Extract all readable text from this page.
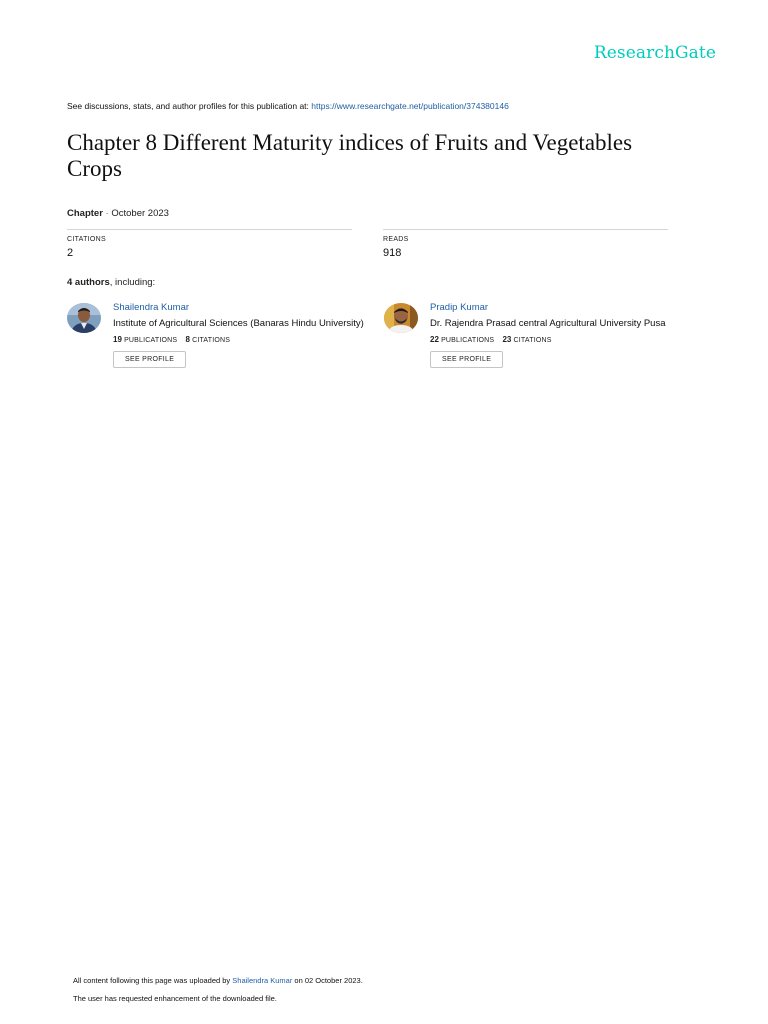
ResearchGate
See discussions, stats, and author profiles for this publication at: https://www.researchgate.net/publication/374380146
Chapter 8 Different Maturity indices of Fruits and Vegetables Crops
Chapter · October 2023
CITATIONS
2
READS
918
4 authors, including:
Shailendra Kumar
Institute of Agricultural Sciences (Banaras Hindu University)
19 PUBLICATIONS 8 CITATIONS
SEE PROFILE
Pradip Kumar
Dr. Rajendra Prasad central Agricultural University Pusa
22 PUBLICATIONS 23 CITATIONS
SEE PROFILE
All content following this page was uploaded by Shailendra Kumar on 02 October 2023.
The user has requested enhancement of the downloaded file.
